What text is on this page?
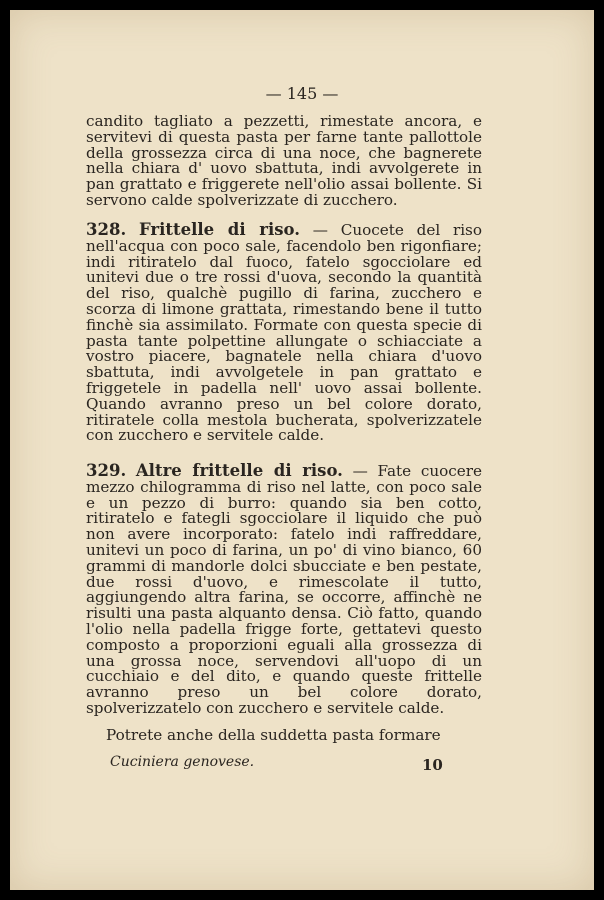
— 145 —

candito tagliato a pezzetti, rimestate ancora, e servitevi di questa pasta per farne tante pallottole della grossezza circa di una noce, che bagnerete nella chiara d' uovo sbattuta, indi avvolgerete in pan grattato e friggerete nell'olio assai bollente. Si servono calde spolverizzate di zucchero.

328. Frittelle di riso. — Cuocete del riso nell'acqua con poco sale, facendolo ben rigonfiare; indi ritiratelo dal fuoco, fatelo sgocciolare ed unitevi due o tre rossi d'uova, secondo la quantità del riso, qualchè pugillo di farina, zucchero e scorza di limone grattata, rimestando bene il tutto finchè sia assimilato. Formate con questa specie di pasta tante polpettine allungate o schiacciate a vostro piacere, bagnatele nella chiara d'uovo sbattuta, indi avvolgetele in pan grattato e friggetele in padella nell' uovo assai bollente. Quando avranno preso un bel colore dorato, ritiratele colla mestola bucherata, spolverizzatele con zucchero e servitele calde.

329. Altre frittelle di riso. — Fate cuocere mezzo chilogramma di riso nel latte, con poco sale e un pezzo di burro: quando sia ben cotto, ritiratelo e fategli sgocciolare il liquido che può non avere incorporato: fatelo indi raffreddare, unitevi un poco di farina, un po' di vino bianco, 60 grammi di mandorle dolci sbucciate e ben pestate, due rossi d'uovo, e rimescolate il tutto, aggiungendo altra farina, se occorre, affinchè ne risulti una pasta alquanto densa. Ciò fatto, quando l'olio nella padella frigge forte, gettatevi questo composto a proporzioni eguali alla grossezza di una grossa noce, servendovi all'uopo di un cucchiaio e del dito, e quando queste frittelle avranno preso un bel colore dorato, spolverizzatelo con zucchero e servitele calde.

Potrete anche della suddetta pasta formare

Cuciniera genovese.	10
